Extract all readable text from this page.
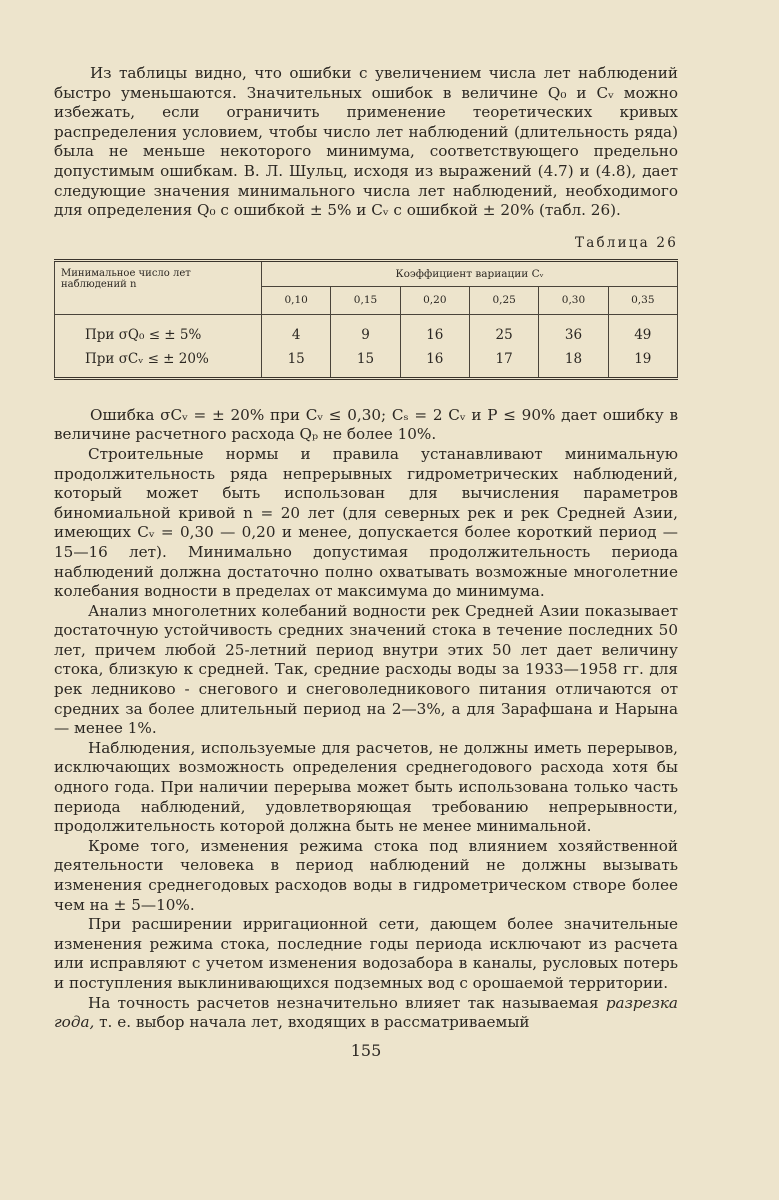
Из таблицы видно, что ошибки с увеличением числа лет наблюдений быстро уменьшаются. Значительных ошибок в величине Q₀ и Cᵥ можно избежать, если ограничить применение теоретических кривых распределения условием, чтобы число лет наблюдений (длительность ряда) была не меньше некоторого минимума, соответствующего предельно допустимым ошибкам. В. Л. Шульц, исходя из выражений (4.7) и (4.8), дает следующие значения минимального числа лет наблюдений, необходимого для определения Q₀ с ошибкой ± 5% и Cᵥ с ошибкой ± 20% (табл. 26).

Таблица 26
Минимальное число лет наблюдений n	Коэффициент вариации Cᵥ					
	0,10	0,15	0,20	0,25	0,30	0,35
При σQ₀ ≤ ± 5%	4	9	16	25	36	49
При σCᵥ ≤ ± 20%	15	15	16	17	18	19

Ошибка σCᵥ = ± 20% при Cᵥ ≤ 0,30; Cₛ = 2 Cᵥ и P ≤ 90% дает ошибку в величине расчетного расхода Qₚ не более 10%.

Строительные нормы и правила устанавливают минимальную продолжительность ряда непрерывных гидрометрических наблюдений, который может быть использован для вычисления параметров биномиальной кривой n = 20 лет (для северных рек и рек Средней Азии, имеющих Cᵥ = 0,30 — 0,20 и менее, допускается более короткий период — 15—16 лет). Минимально допустимая продолжительность периода наблюдений должна достаточно полно охватывать возможные многолетние колебания водности в пределах от максимума до минимума.

Анализ многолетних колебаний водности рек Средней Азии показывает достаточную устойчивость средних значений стока в течение последних 50 лет, причем любой 25-летний период внутри этих 50 лет дает величину стока, близкую к средней. Так, средние расходы воды за 1933—1958 гг. для рек ледниково - снегового и снеговоледникового питания отличаются от средних за более длительный период на 2—3%, а для Зарафшана и Нарына — менее 1%.

Наблюдения, используемые для расчетов, не должны иметь перерывов, исключающих возможность определения среднегодового расхода хотя бы одного года. При наличии перерыва может быть использована только часть периода наблюдений, удовлетворяющая требованию непрерывности, продолжительность которой должна быть не менее минимальной.

Кроме того, изменения режима стока под влиянием хозяйственной деятельности человека в период наблюдений не должны вызывать изменения среднегодовых расходов воды в гидрометрическом створе более чем на ± 5—10%.

При расширении ирригационной сети, дающем более значительные изменения режима стока, последние годы периода исключают из расчета или исправляют с учетом изменения водозабора в каналы, русловых потерь и поступления выклинивающихся подземных вод с орошаемой территории.

На точность расчетов незначительно влияет так называемая разрезка года, т. е. выбор начала лет, входящих в рассматриваемый

155
